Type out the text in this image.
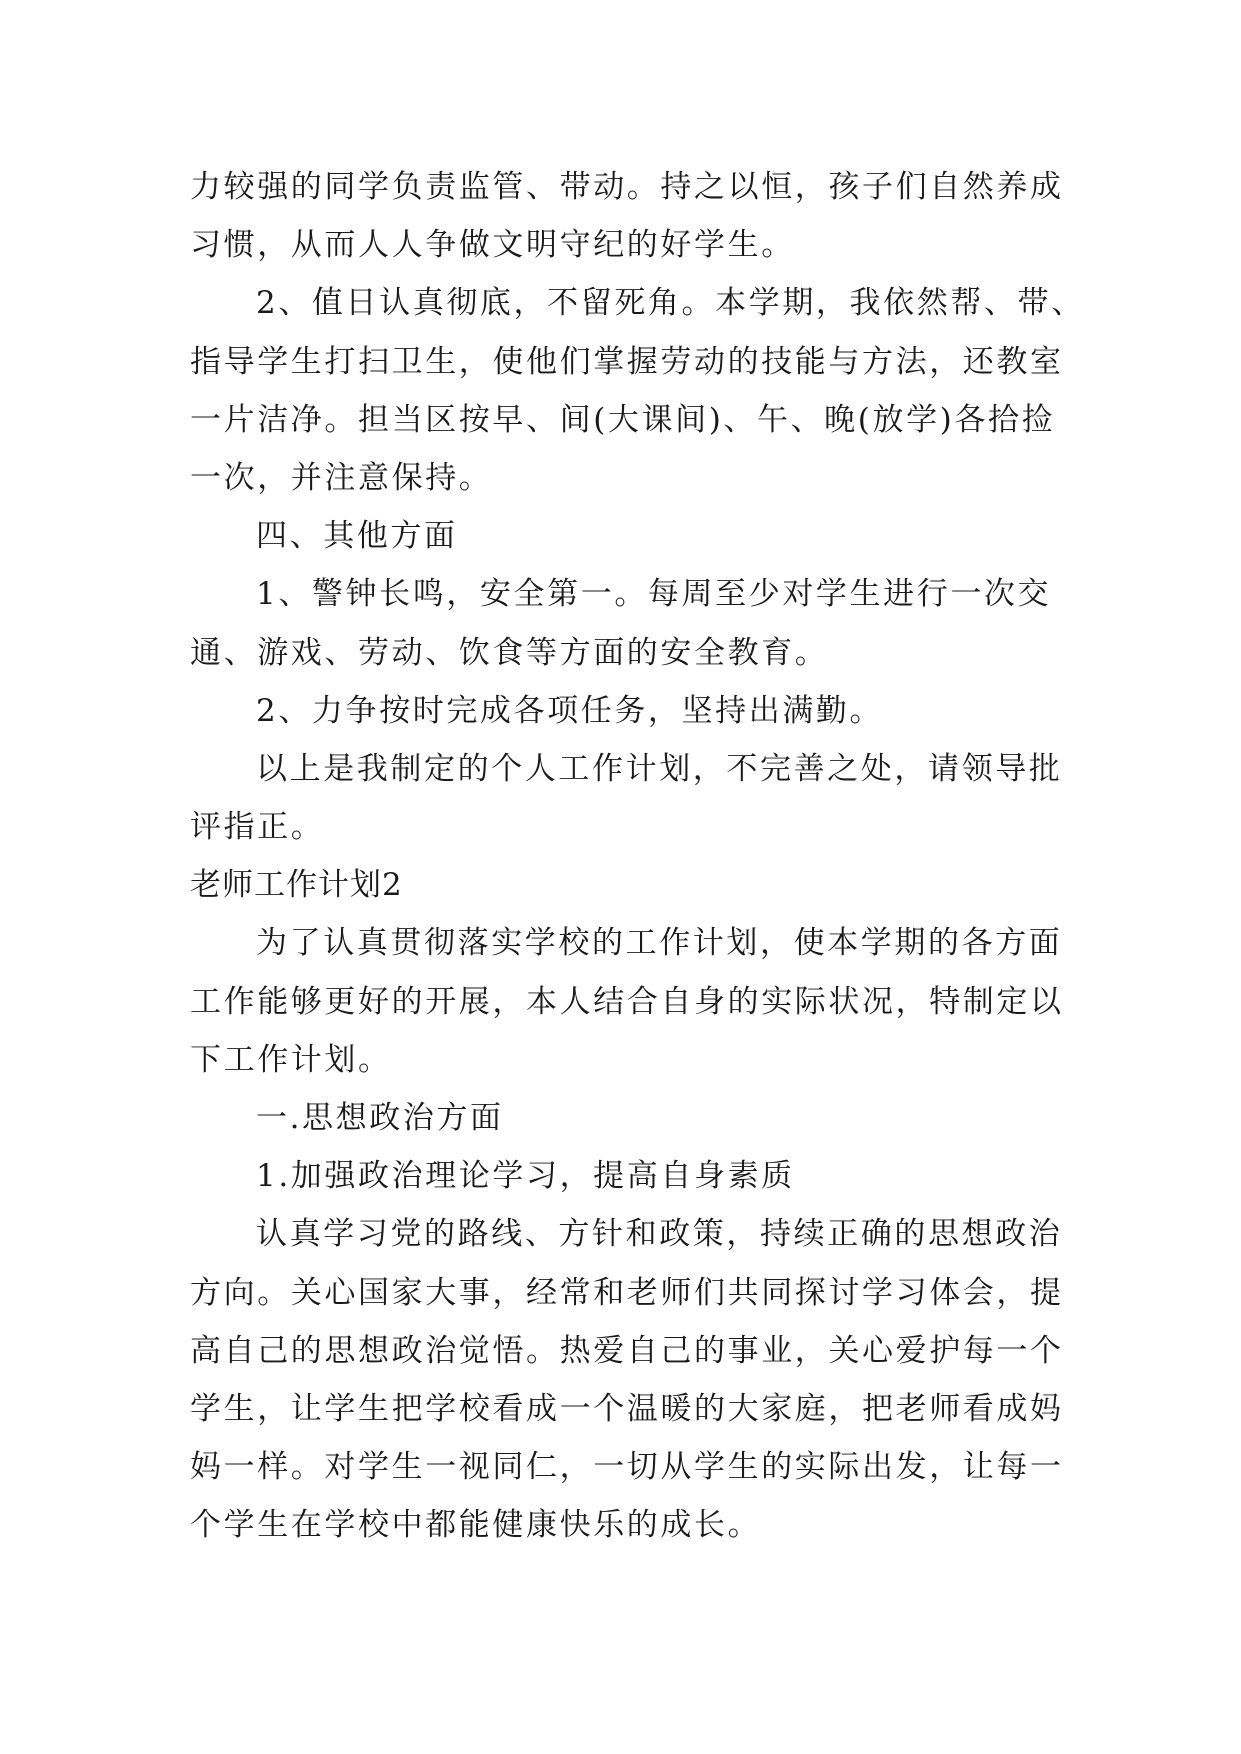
力较强的同学负责监管、带动。持之以恒，孩子们自然养成
习惯，从而人人争做文明守纪的好学生。
2、值日认真彻底，不留死角。本学期，我依然帮、带、
指导学生打扫卫生，使他们掌握劳动的技能与方法，还教室
一片洁净。担当区按早、间(大课间)、午、晚(放学)各拾捡
一次，并注意保持。
四、其他方面
1、警钟长鸣，安全第一。每周至少对学生进行一次交
通、游戏、劳动、饮食等方面的安全教育。
2、力争按时完成各项任务，坚持出满勤。
以上是我制定的个人工作计划，不完善之处，请领导批
评指正。
老师工作计划2
为了认真贯彻落实学校的工作计划，使本学期的各方面
工作能够更好的开展，本人结合自身的实际状况，特制定以
下工作计划。
一.思想政治方面
1.加强政治理论学习，提高自身素质
认真学习党的路线、方针和政策，持续正确的思想政治
方向。关心国家大事，经常和老师们共同探讨学习体会，提
高自己的思想政治觉悟。热爱自己的事业，关心爱护每一个
学生，让学生把学校看成一个温暖的大家庭，把老师看成妈
妈一样。对学生一视同仁，一切从学生的实际出发，让每一
个学生在学校中都能健康快乐的成长。
